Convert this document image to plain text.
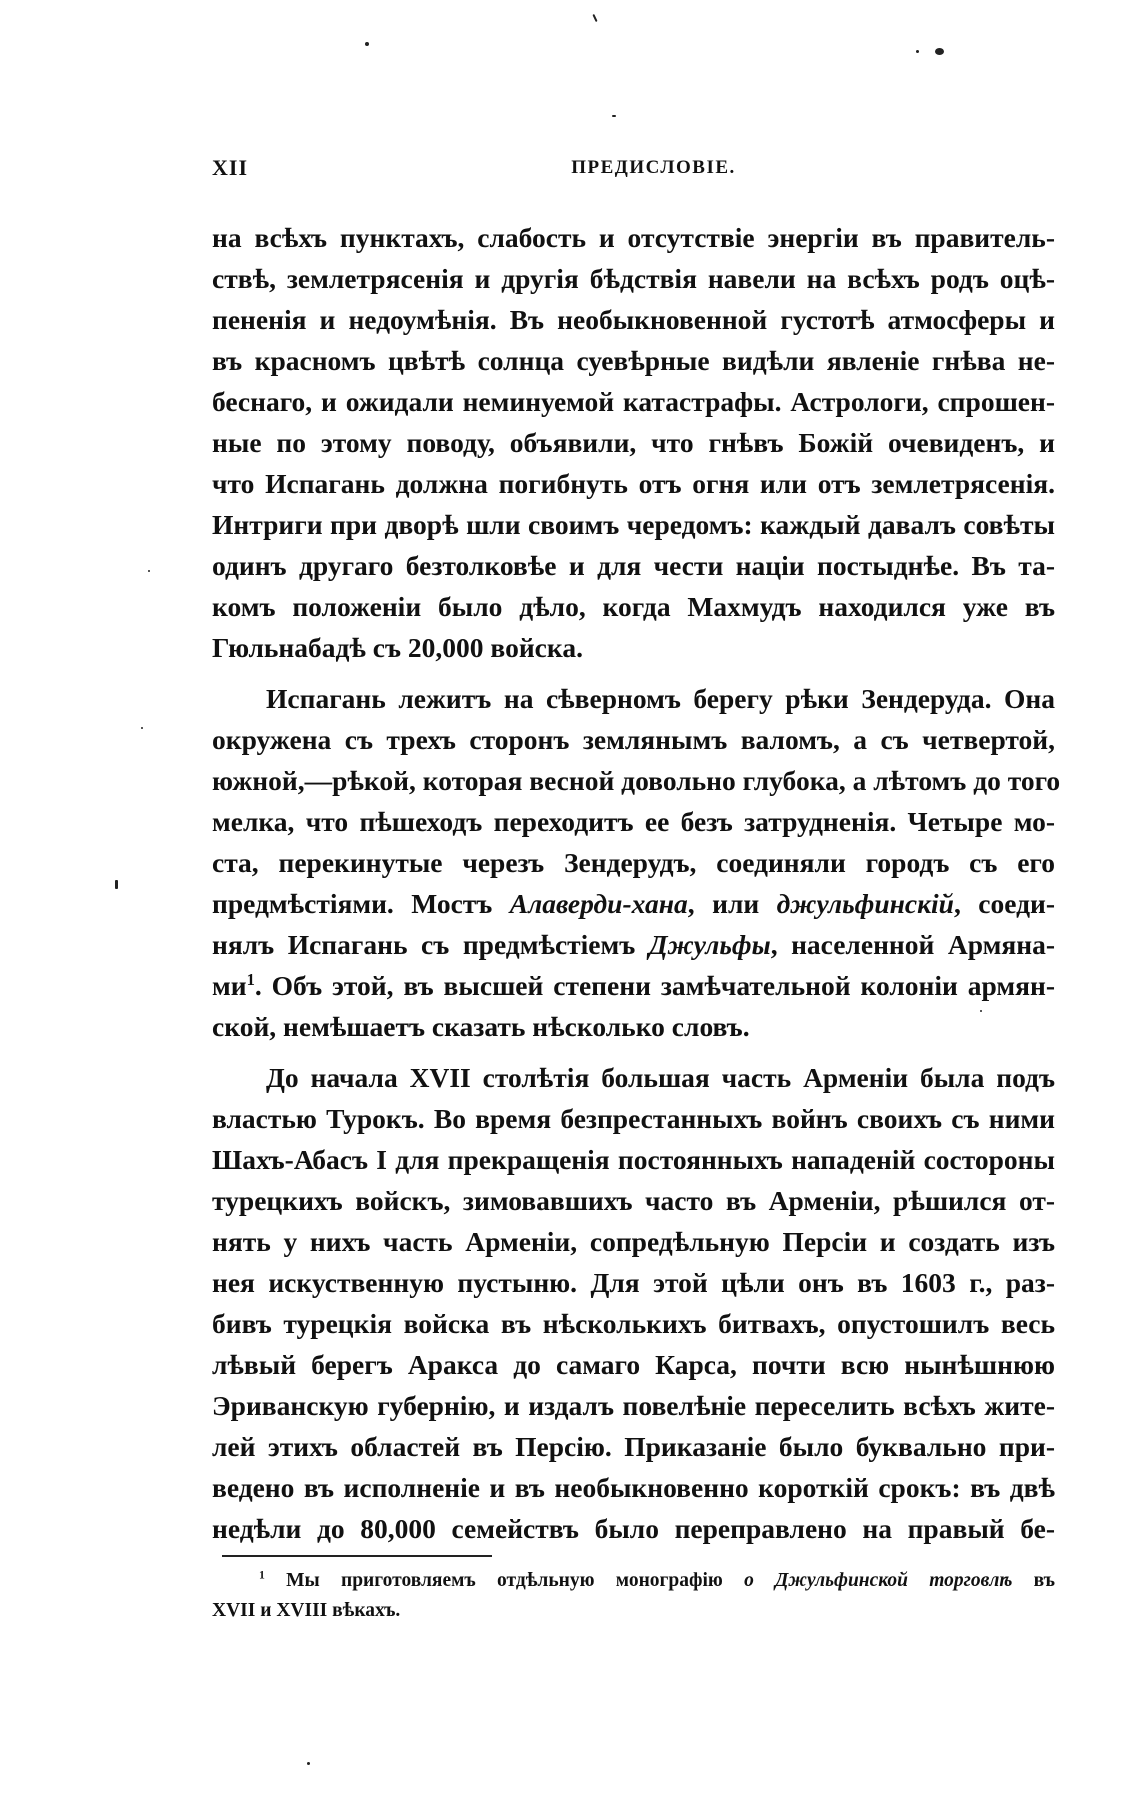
XII	ПРЕДИСЛОВІЕ.
на всѣхъ пунктахъ, слабость и отсутствіе энергіи въ правитель-
ствѣ, землетрясенія и другія бѣдствія навели на всѣхъ родъ оцѣ-
пененія и недоумѣнія. Въ необыкновенной густотѣ атмосферы и
въ красномъ цвѣтѣ солнца суевѣрные видѣли явленіе гнѣва не-
беснаго, и ожидали неминуемой катастрафы. Астрологи, спрошен-
ные по этому поводу, объявили, что гнѣвъ Божій очевиденъ, и
что Испагань должна погибнуть отъ огня или отъ землетрясенія.
Интриги при дворѣ шли своимъ чередомъ: каждый давалъ совѣты
одинъ другаго безтолковѣе и для чести націи постыднѣе. Въ та-
комъ положеніи было дѣло, когда Махмудъ находился уже въ
Гюльнабадѣ съ 20,000 войска.
Испагань лежитъ на сѣверномъ берегу рѣки Зендеруда. Она
окружена съ трехъ сторонъ землянымъ валомъ, а съ четвертой,
южной,—рѣкой, которая весной довольно глубока, а лѣтомъ до того
мелка, что пѣшеходъ переходитъ ее безъ затрудненія. Четыре мо-
ста, перекинутые черезъ Зендерудъ, соединяли городъ съ его
предмѣстіями. Мостъ Алаверди-хана, или джульфинскій, соеди-
нялъ Испагань съ предмѣстіемъ Джульфы, населенной Армяна-
$ми^1$. Объ этой, въ высшей степени замѣчательной колоніи армян-
ской, немѣшаетъ сказать нѣсколько словъ.
До начала XVII столѣтія большая часть Арменіи была подъ
властью Турокъ. Во время безпрестанныхъ войнъ своихъ съ ними
Шахъ-Абасъ I для прекращенія постоянныхъ нападеній состороны
турецкихъ войскъ, зимовавшихъ часто въ Арменіи, рѣшился от-
нять у нихъ часть Арменіи, сопредѣльную Персіи и создать изъ
нея искуственную пустыню. Для этой цѣли онъ въ 1603 г., раз-
бивъ турецкія войска въ нѣсколькихъ битвахъ, опустошилъ весь
лѣвый берегъ Аракса до самаго Карса, почти всю нынѣшнюю
Эриванскую губернію, и издалъ повелѣніе переселить всѣхъ жите-
лей этихъ областей въ Персію. Приказаніе было буквально при-
ведено въ исполненіе и въ необыкновенно короткій срокъ: въ двѣ
недѣли до 80,000 семействъ было переправлено на правый бе-
$^1$ Мы приготовляемъ отдѣльную монографію о Джульфинской торговлѣ въ
XVII и XVIII вѣкахъ.
